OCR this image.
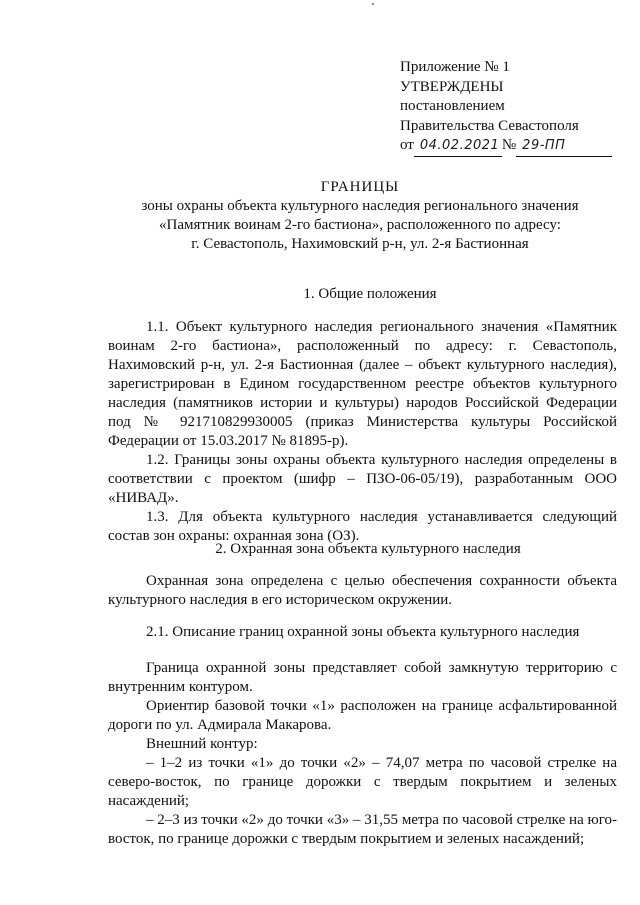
Приложение № 1
УТВЕРЖДЕНЫ
постановлением
Правительства Севастополя
от 04.02.2021 № 29-ПП
ГРАНИЦЫ
зоны охраны объекта культурного наследия регионального значения
«Памятник воинам 2-го бастиона», расположенного по адресу:
г. Севастополь, Нахимовский р-н, ул. 2-я Бастионная
1. Общие положения

1.1. Объект культурного наследия регионального значения «Памятник воинам 2-го бастиона», расположенный по адресу: г. Севастополь, Нахимовский р-н, ул. 2-я Бастионная (далее – объект культурного наследия), зарегистрирован в Едином государственном реестре объектов культурного наследия (памятников истории и культуры) народов Российской Федерации под № 921710829930005 (приказ Министерства культуры Российской Федерации от 15.03.2017 № 81895-р).

1.2. Границы зоны охраны объекта культурного наследия определены в соответствии с проектом (шифр – ПЗО-06-05/19), разработанным ООО «НИВАД».

1.3. Для объекта культурного наследия устанавливается следующий состав зон охраны: охранная зона (ОЗ).

2. Охранная зона объекта культурного наследия

Охранная зона определена с целью обеспечения сохранности объекта культурного наследия в его историческом окружении.

2.1. Описание границ охранной зоны объекта культурного наследия

Граница охранной зоны представляет собой замкнутую территорию с внутренним контуром.

Ориентир базовой точки «1» расположен на границе асфальтированной дороги по ул. Адмирала Макарова.

Внешний контур:

– 1–2 из точки «1» до точки «2» – 74,07 метра по часовой стрелке на северо-восток, по границе дорожки с твердым покрытием и зеленых насаждений;

– 2–3 из точки «2» до точки «3» – 31,55 метра по часовой стрелке на юго-восток, по границе дорожки с твердым покрытием и зеленых насаждений;
